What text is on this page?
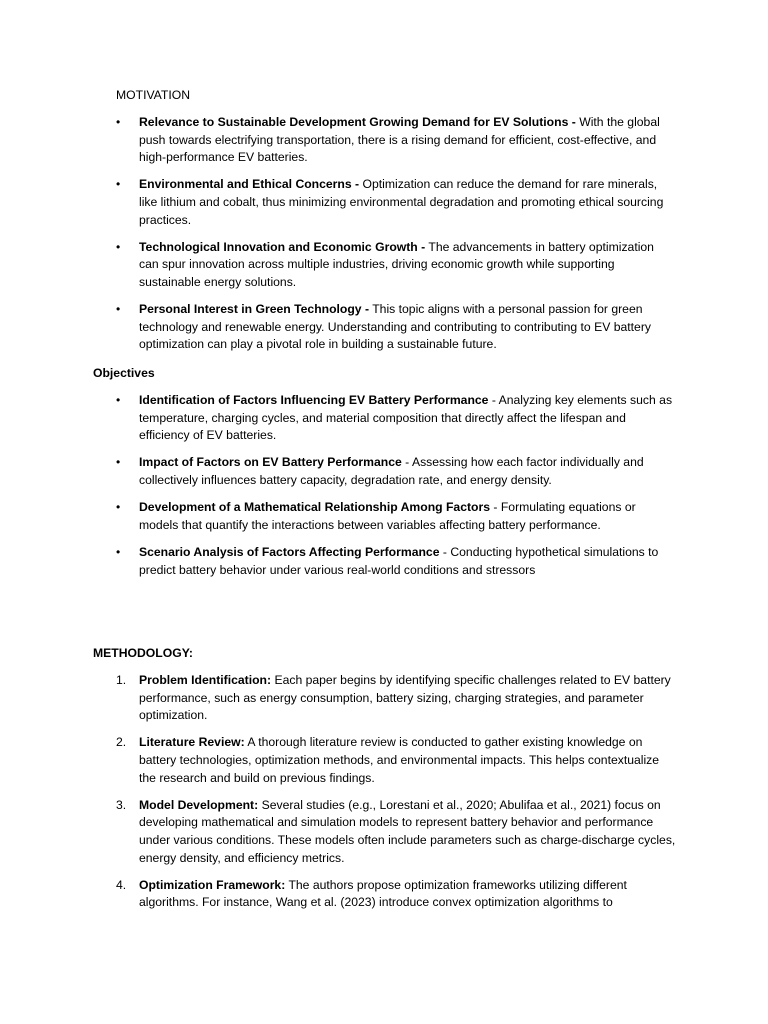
MOTIVATION
• Relevance to Sustainable Development Growing Demand for EV Solutions - With the global push towards electrifying transportation, there is a rising demand for efficient, cost-effective, and high-performance EV batteries.
• Environmental and Ethical Concerns - Optimization can reduce the demand for rare minerals, like lithium and cobalt, thus minimizing environmental degradation and promoting ethical sourcing practices.
• Technological Innovation and Economic Growth - The advancements in battery optimization can spur innovation across multiple industries, driving economic growth while supporting sustainable energy solutions.
• Personal Interest in Green Technology - This topic aligns with a personal passion for green technology and renewable energy. Understanding and contributing to contributing to EV battery optimization can play a pivotal role in building a sustainable future.
Objectives
• Identification of Factors Influencing EV Battery Performance - Analyzing key elements such as temperature, charging cycles, and material composition that directly affect the lifespan and efficiency of EV batteries.
• Impact of Factors on EV Battery Performance - Assessing how each factor individually and collectively influences battery capacity, degradation rate, and energy density.
• Development of a Mathematical Relationship Among Factors - Formulating equations or models that quantify the interactions between variables affecting battery performance.
• Scenario Analysis of Factors Affecting Performance - Conducting hypothetical simulations to predict battery behavior under various real-world conditions and stressors
METHODOLOGY:
1. Problem Identification: Each paper begins by identifying specific challenges related to EV battery performance, such as energy consumption, battery sizing, charging strategies, and parameter optimization.
2. Literature Review: A thorough literature review is conducted to gather existing knowledge on battery technologies, optimization methods, and environmental impacts. This helps contextualize the research and build on previous findings.
3. Model Development: Several studies (e.g., Lorestani et al., 2020; Abulifaa et al., 2021) focus on developing mathematical and simulation models to represent battery behavior and performance under various conditions. These models often include parameters such as charge-discharge cycles, energy density, and efficiency metrics.
4. Optimization Framework: The authors propose optimization frameworks utilizing different algorithms. For instance, Wang et al. (2023) introduce convex optimization algorithms to
